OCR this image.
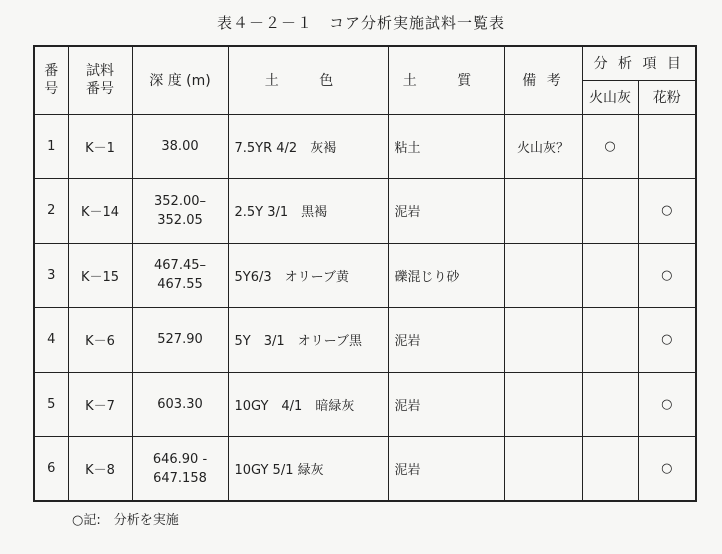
表４－２－１　コア分析実施試料一覧表
番号	試料番号	深 度 (m)	土 色	土 質	備 考	分 析 項 目	
						火山灰	花粉
1	K－1	38.00	7.5YR 4/2　灰褐	粘土	火山灰？	○	
2	K－14	352.00–
352.05	2.5Y 3/1　黒褐	泥岩			○
3	K－15	467.45–
467.55	5Y6/3　オリーブ黄	礫混じり砂			○
4	K－6	527.90	5Y　3/1　オリーブ黒	泥岩			○
5	K－7	603.30	10GY　4/1　暗緑灰	泥岩			○
6	K－8	646.90 -
647.158	10GY 5/1 緑灰	泥岩			○
○記:　分析を実施
